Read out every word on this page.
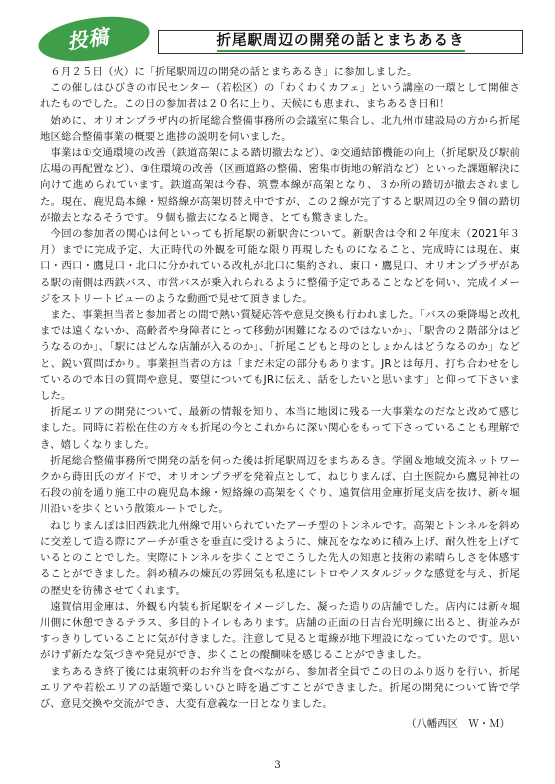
投稿	折尾駅周辺の開発の話とまちあるき

６月２５日（火）に「折尾駅周辺の開発の話とまちあるき」に参加しました。

この催しはひびきの市民センター（若松区）の「わくわくカフェ」という講座の一環として開催されたものでした。この日の参加者は２０名に上り、天候にも恵まれ、まちあるき日和！

始めに、オリオンプラザ内の折尾総合整備事務所の会議室に集合し、北九州市建設局の方から折尾地区総合整備事業の概要と進捗の説明を伺いました。

事業は①交通環境の改善（鉄道高架による踏切撤去など）、②交通結節機能の向上（折尾駅及び駅前広場の再配置など）、③住環境の改善（区画道路の整備、密集市街地の解消など）といった課題解決に向けて進められています。鉄道高架は今春、筑豊本線が高架となり、３か所の踏切が撤去されました。現在、鹿児島本線・短絡線が高架切替え中ですが、この２線が完了すると駅周辺の全９個の踏切が撤去となるそうです。９個も撤去になると聞き、とても驚きました。

今回の参加者の関心は何といっても折尾駅の新駅舎について。新駅舎は令和２年度末（2021年３月）までに完成予定、大正時代の外観を可能な限り再現したものになること、完成時には現在、東口・西口・鷹見口・北口に分かれている改札が北口に集約され、東口・鷹見口、オリオンプラザがある駅の南側は西鉄バス、市営バスが乗入れられるように整備予定であることなどを伺い、完成イメージをストリートビューのような動画で見せて頂きました。

また、事業担当者と参加者との間で熱い質疑応答や意見交換も行われました。「バスの乗降場と改札までは遠くないか、高齢者や身障者にとって移動が困難になるのではないか」、「駅舎の２階部分はどうなるのか」、「駅にはどんな店舗が入るのか」、「折尾こどもと母のとしょかんはどうなるのか」などと、鋭い質問ばかり。事業担当者の方は「まだ未定の部分もあります。JRとは毎月、打ち合わせをしているので本日の質問や意見、要望についてもJRに伝え、話をしたいと思います」と仰って下さいました。

折尾エリアの開発について、最新の情報を知り、本当に地図に残る一大事業なのだなと改めて感じました。同時に若松在住の方々も折尾の今とこれからに深い関心をもって下さっていることも理解でき、嬉しくなりました。

折尾総合整備事務所で開発の話を伺った後は折尾駅周辺をまちあるき。学園＆地域交流ネットワークから蒔田氏のガイドで、オリオンプラザを発着点として、ねじりまんぽ、白土医院から鷹見神社の石段の前を通り施工中の鹿児島本線・短絡線の高架をくぐり、遠賀信用金庫折尾支店を抜け、新々堀川沿いを歩くという散策ルートでした。

ねじりまんぽは旧西鉄北九州線で用いられていたアーチ型のトンネルです。高架とトンネルを斜めに交差して造る際にアーチが重さを垂直に受けるように、煉瓦をななめに積み上げ、耐久性を上げているとのことでした。実際にトンネルを歩くことでこうした先人の知恵と技術の素晴らしさを体感することができました。斜め積みの煉瓦の雰囲気も私達にレトロやノスタルジックな感覚を与え、折尾の歴史を彷彿させてくれます。

遠賀信用金庫は、外観も内装も折尾駅をイメージした、凝った造りの店舗でした。店内には新々堀川側に休憩できるテラス、多目的トイレもあります。店舗の正面の日吉台光明線に出ると、街並みがすっきりしていることに気が付きました。注意して見ると電線が地下埋設になっていたのです。思いがけず新たな気づきや発見ができ、歩くことの醍醐味を感じることができました。

まちあるき終了後には東筑軒のお弁当を食べながら、参加者全員でこの日のふり返りを行い、折尾エリアや若松エリアの話題で楽しいひと時を過ごすことができました。折尾の開発について皆で学び、意見交換や交流ができ、大変有意義な一日となりました。

（八幡西区　Ｗ・Ｍ）
3
